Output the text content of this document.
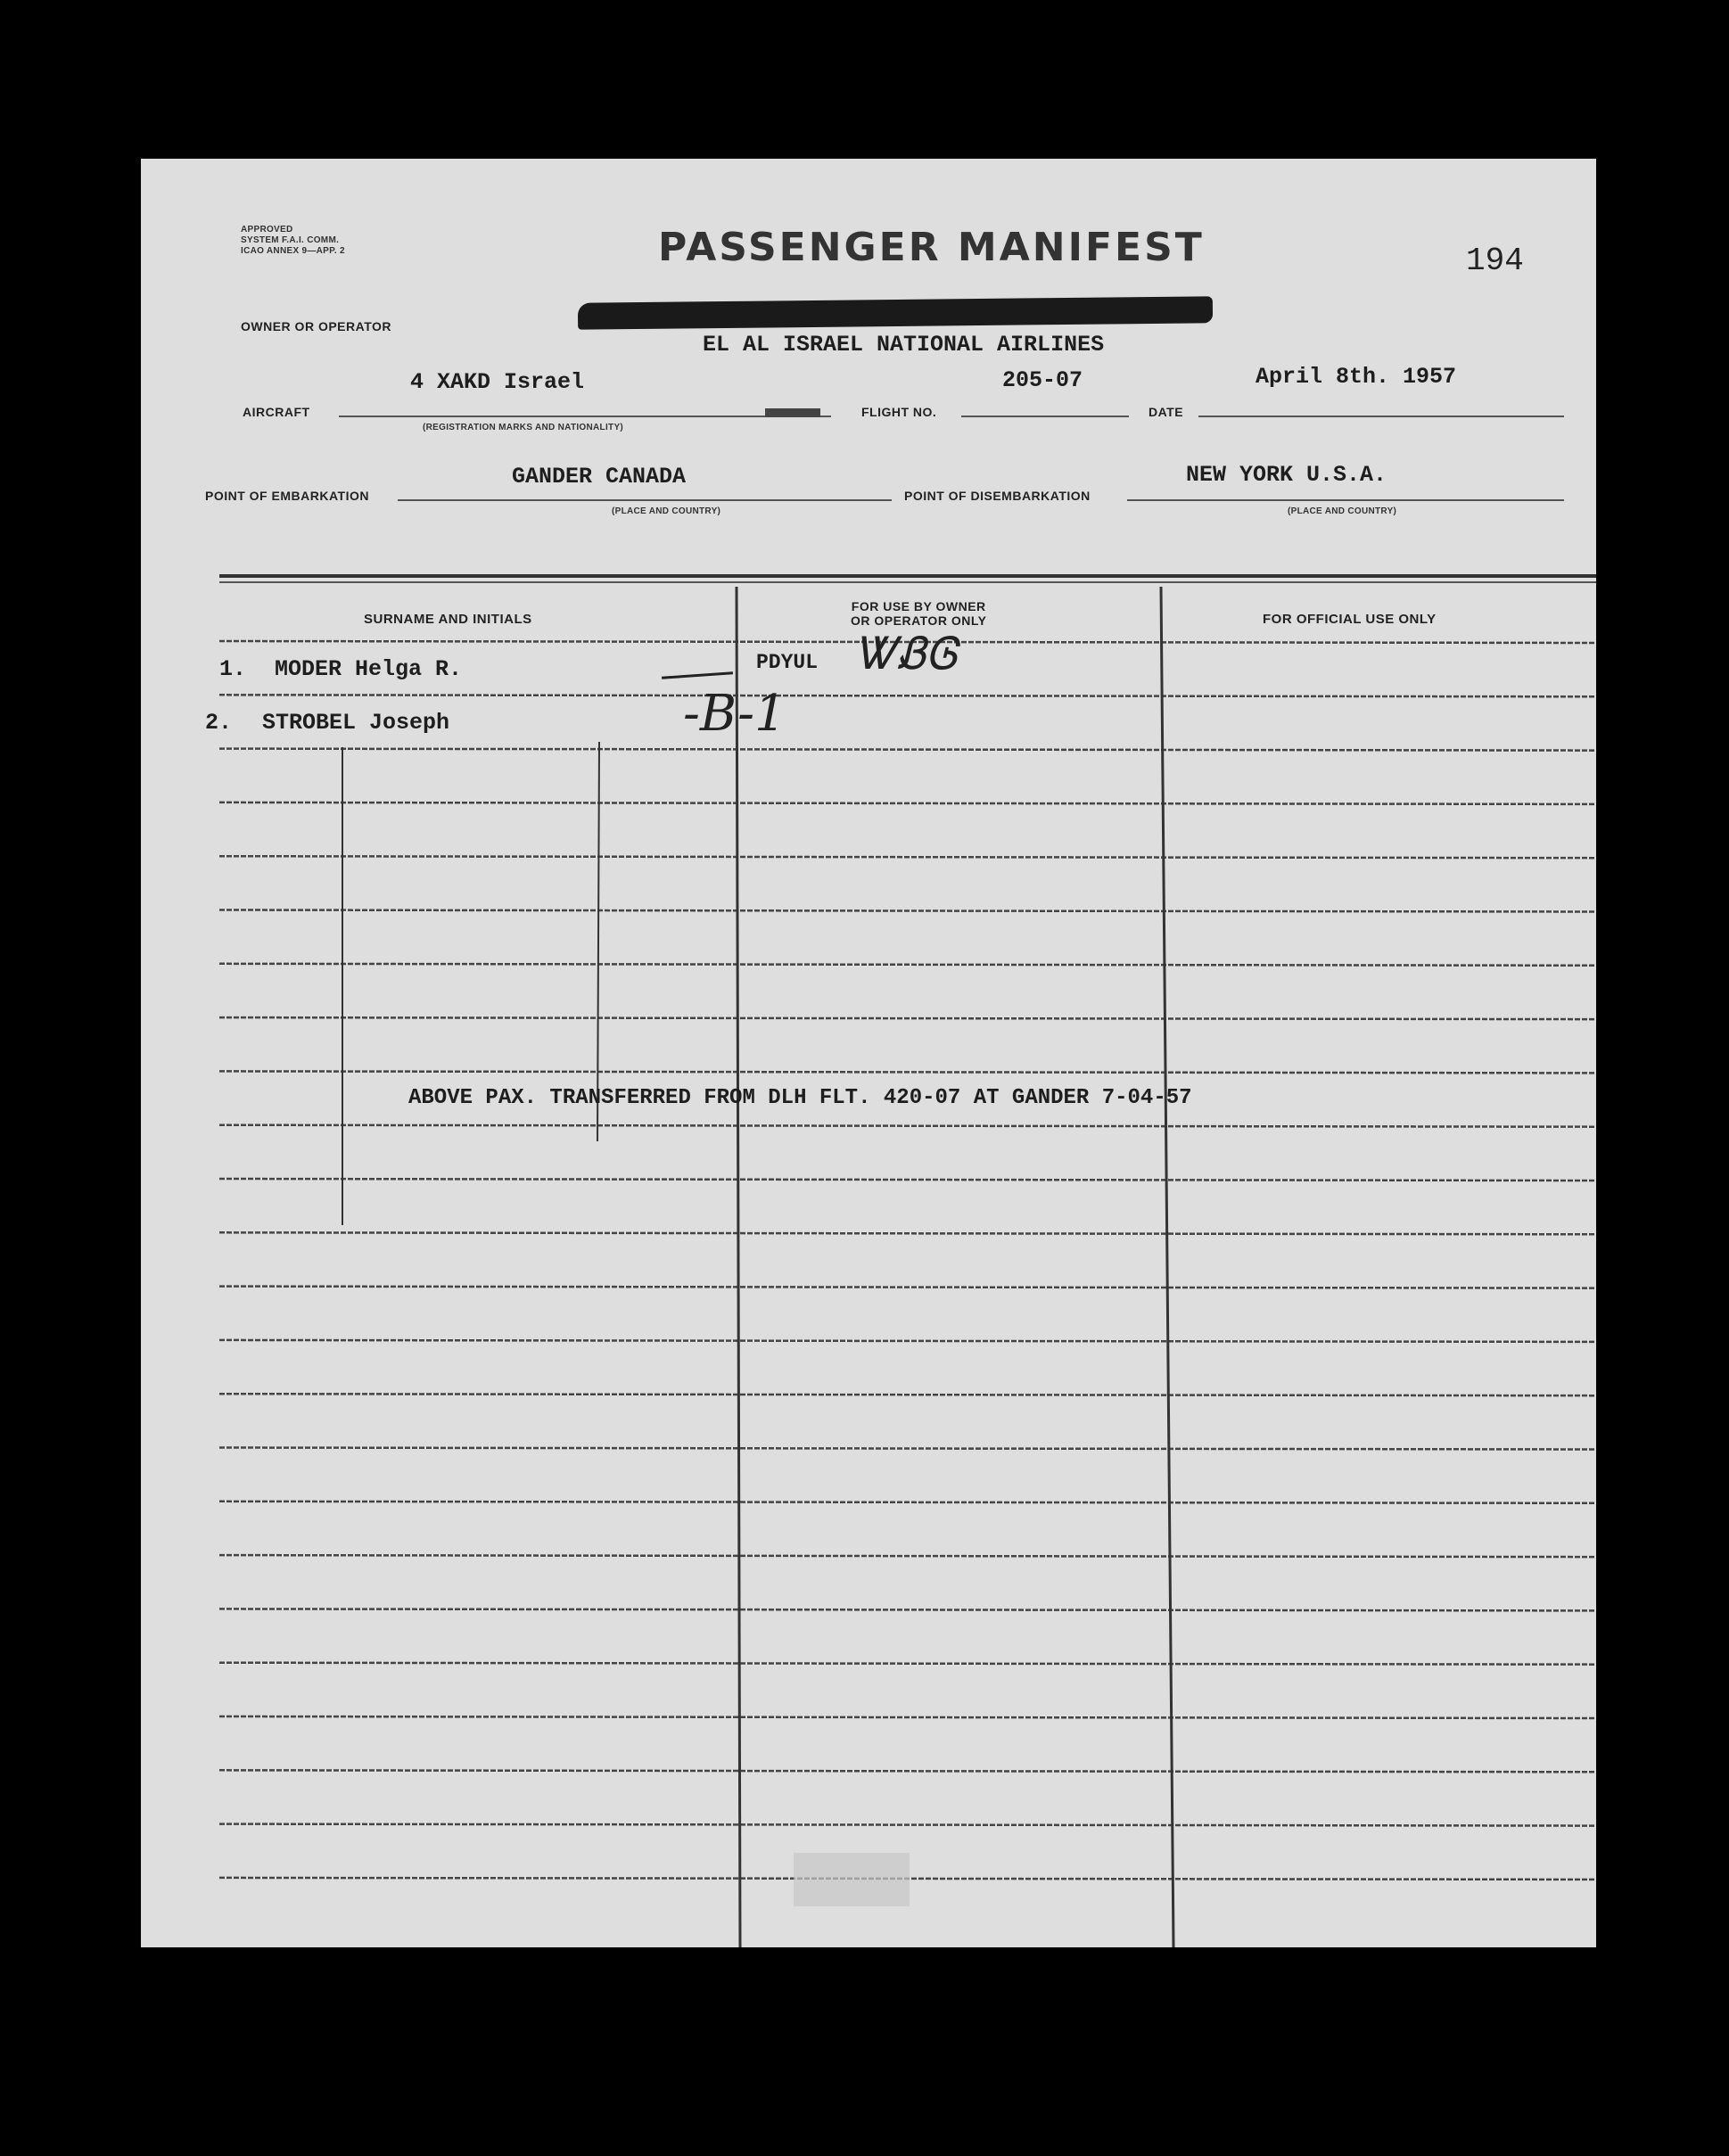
APPROVED
SYSTEM F.A.I. COMM.
ICAO ANNEX 9—APP. 2	PASSENGER MANIFEST	194
OWNER OR OPERATOR
EL AL ISRAEL NATIONAL AIRLINES
4 XAKD Israel	205-07	April 8th. 1957
AIRCRAFT	FLIGHT NO.	DATE
(REGISTRATION MARKS AND NATIONALITY)
GANDER CANADA	NEW YORK U.S.A.
POINT OF EMBARKATION	POINT OF DISEMBARKATION
(PLACE AND COUNTRY)	(PLACE AND COUNTRY)
SURNAME AND INITIALS
FOR USE BY OWNER
OR OPERATOR ONLY	FOR OFFICIAL USE ONLY
1. MODER Helga R.	PDYUL ᏔᏰᎶ
2. STROBEL Joseph	-B-1
ABOVE PAX. TRANSFERRED FROM DLH FLT. 420-07 AT GANDER 7-04-57
